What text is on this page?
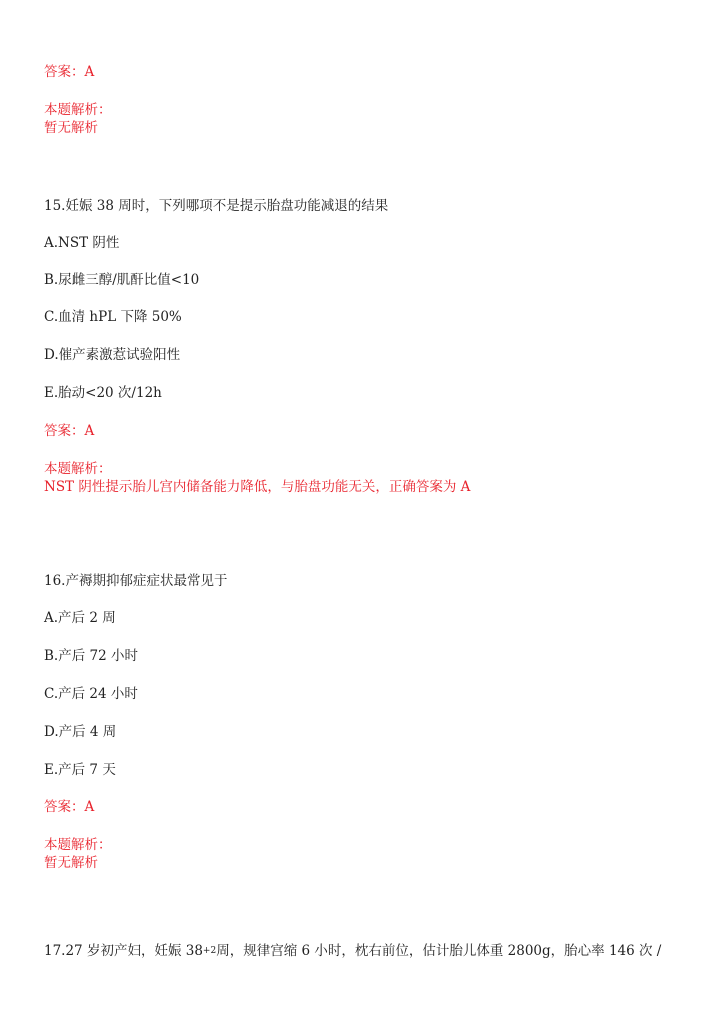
答案：A
本题解析：
暂无解析
15.妊娠 38 周时，下列哪项不是提示胎盘功能减退的结果
A.NST 阴性
B.尿雌三醇/肌酐比值<10
C.血清 hPL 下降 50%
D.催产素激惹试验阳性
E.胎动<20 次/12h
答案：A
本题解析：
NST 阴性提示胎儿宫内储备能力降低，与胎盘功能无关，正确答案为 A
16.产褥期抑郁症症状最常见于
A.产后 2 周
B.产后 72 小时
C.产后 24 小时
D.产后 4 周
E.产后 7 天
答案：A
本题解析：
暂无解析
17.27 岁初产妇，妊娠 $38^{+2}$周，规律宫缩 6 小时，枕右前位，估计胎儿体重 2800g，胎心率 146 次 /
